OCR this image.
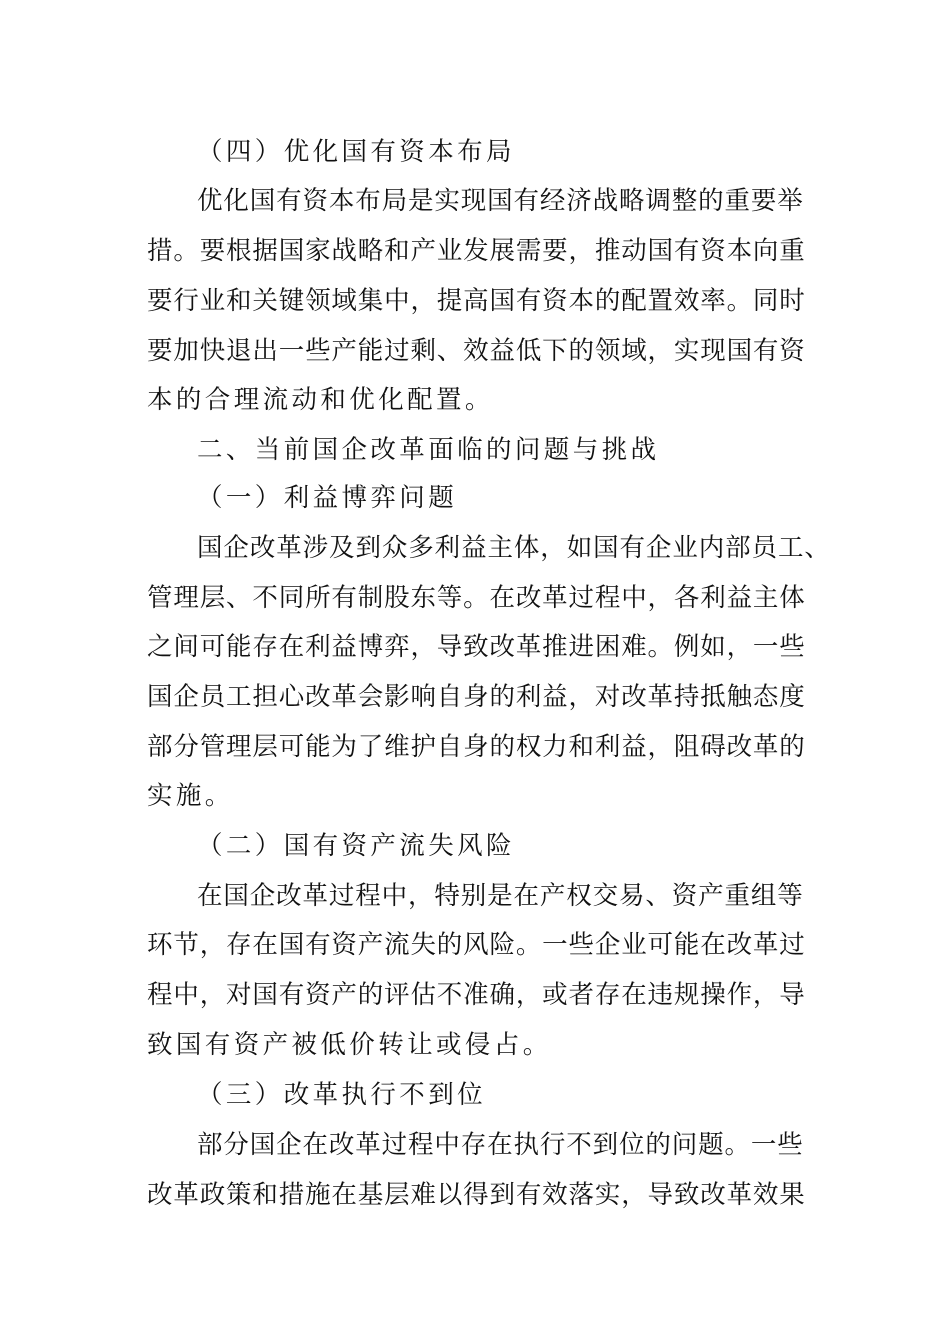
（四）优化国有资本布局
优 化 国 有 资 本 布 局 是 实 现 国 有 经 济 战 略 调 整 的 重 要 举
措 。 要 根 据 国 家 战 略 和 产 业 发 展 需 要 ， 推 动 国 有 资 本 向 重
要 行 业 和 关 键 领 域 集 中 ， 提 高 国 有 资 本 的 配 置 效 率 。 同 时
要 加 快 退 出 一 些 产 能 过 剩 、 效 益 低 下 的 领 域 ， 实 现 国 有 资
本的合理流动和优化配置。
二、当前国企改革面临的问题与挑战
（一）利益博弈问题
国 企 改 革 涉 及 到 众 多 利 益 主 体 ， 如 国 有 企 业 内 部 员 工 、
管 理 层 、 不 同 所 有 制 股 东 等 。 在 改 革 过 程 中 ， 各 利 益 主 体
之 间 可 能 存 在 利 益 博 弈 ， 导 致 改 革 推 进 困 难 。 例 如 ， 一 些
国 企 员 工 担 心 改 革 会 影 响 自 身 的 利 益 ， 对 改 革 持 抵 触 态 度
部 分 管 理 层 可 能 为 了 维 护 自 身 的 权 力 和 利 益 ， 阻 碍 改 革 的
实施。
（二）国有资产流失风险
在 国 企 改 革 过 程 中 ， 特 别 是 在 产 权 交 易 、 资 产 重 组 等
环 节 ， 存 在 国 有 资 产 流 失 的 风 险 。 一 些 企 业 可 能 在 改 革 过
程 中 ， 对 国 有 资 产 的 评 估 不 准 确 ， 或 者 存 在 违 规 操 作 ， 导
致国有资产被低价转让或侵占。
（三）改革执行不到位
部 分 国 企 在 改 革 过 程 中 存 在 执 行 不 到 位 的 问 题 。 一 些
改 革 政 策 和 措 施 在 基 层 难 以 得 到 有 效 落 实 ， 导 致 改 革 效 果
